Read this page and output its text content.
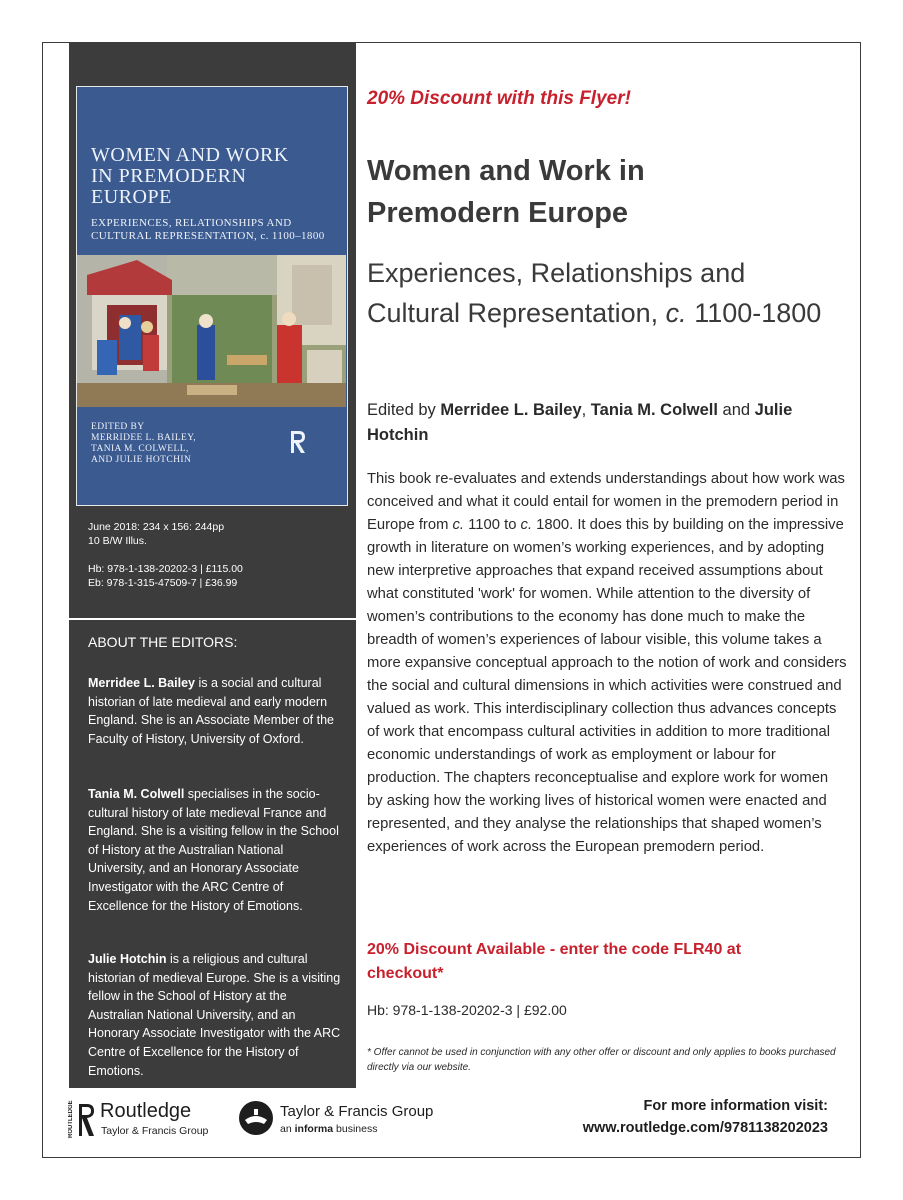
WOMEN AND WORK
IN PREMODERN
EUROPE
EXPERIENCES, RELATIONSHIPS AND
CULTURAL REPRESENTATION, c. 1100–1800
EDITED BY
MERRIDEE L. BAILEY,
TANIA M. COLWELL,
AND JULIE HOTCHIN

June 2018: 234 x 156: 244pp

10 B/W Illus.

Hb: 978-1-138-20202-3 | £115.00

Eb: 978-1-315-47509-7 | £36.99

ABOUT THE EDITORS:
Merridee L. Bailey is a social and cultural historian of late medieval and early modern England. She is an Associate Member of the Faculty of History, University of Oxford.
Tania M. Colwell specialises in the socio-cultural history of late medieval France and England. She is a visiting fellow in the School of History at the Australian National University, and an Honorary Associate Investigator with the ARC Centre of Excellence for the History of Emotions.
Julie Hotchin is a religious and cultural historian of medieval Europe. She is a visiting fellow in the School of History at the Australian National University, and an Honorary Associate Investigator with the ARC Centre of Excellence for the History of Emotions.
20% Discount with this Flyer!
Women and Work in Premodern Europe
Experiences, Relationships and Cultural Representation, c. 1100-1800
Edited by Merridee L. Bailey, Tania M. Colwell and Julie Hotchin
This book re-evaluates and extends understandings about how work was conceived and what it could entail for women in the premodern period in Europe from c. 1100 to c. 1800. It does this by building on the impressive growth in literature on women’s working experiences, and by adopting new interpretive approaches that expand received assumptions about what constituted 'work' for women. While attention to the diversity of women’s contributions to the economy has done much to make the breadth of women’s experiences of labour visible, this volume takes a more expansive conceptual approach to the notion of work and considers the social and cultural dimensions in which activities were construed and valued as work. This interdisciplinary collection thus advances concepts of work that encompass cultural activities in addition to more traditional economic understandings of work as employment or labour for production. The chapters reconceptualise and explore work for women by asking how the working lives of historical women were enacted and represented, and they analyse the relationships that shaped women’s experiences of work across the European premodern period.
20% Discount Available - enter the code FLR40 at checkout*
Hb: 978-1-138-20202-3 | £92.00
* Offer cannot be used in conjunction with any other offer or discount and only applies to books purchased directly via our website.
For more information visit:
www.routledge.com/9781138202023
ROUTLEDGE Routledge
Taylor & Francis Group
Taylor & Francis Group
an informa business
